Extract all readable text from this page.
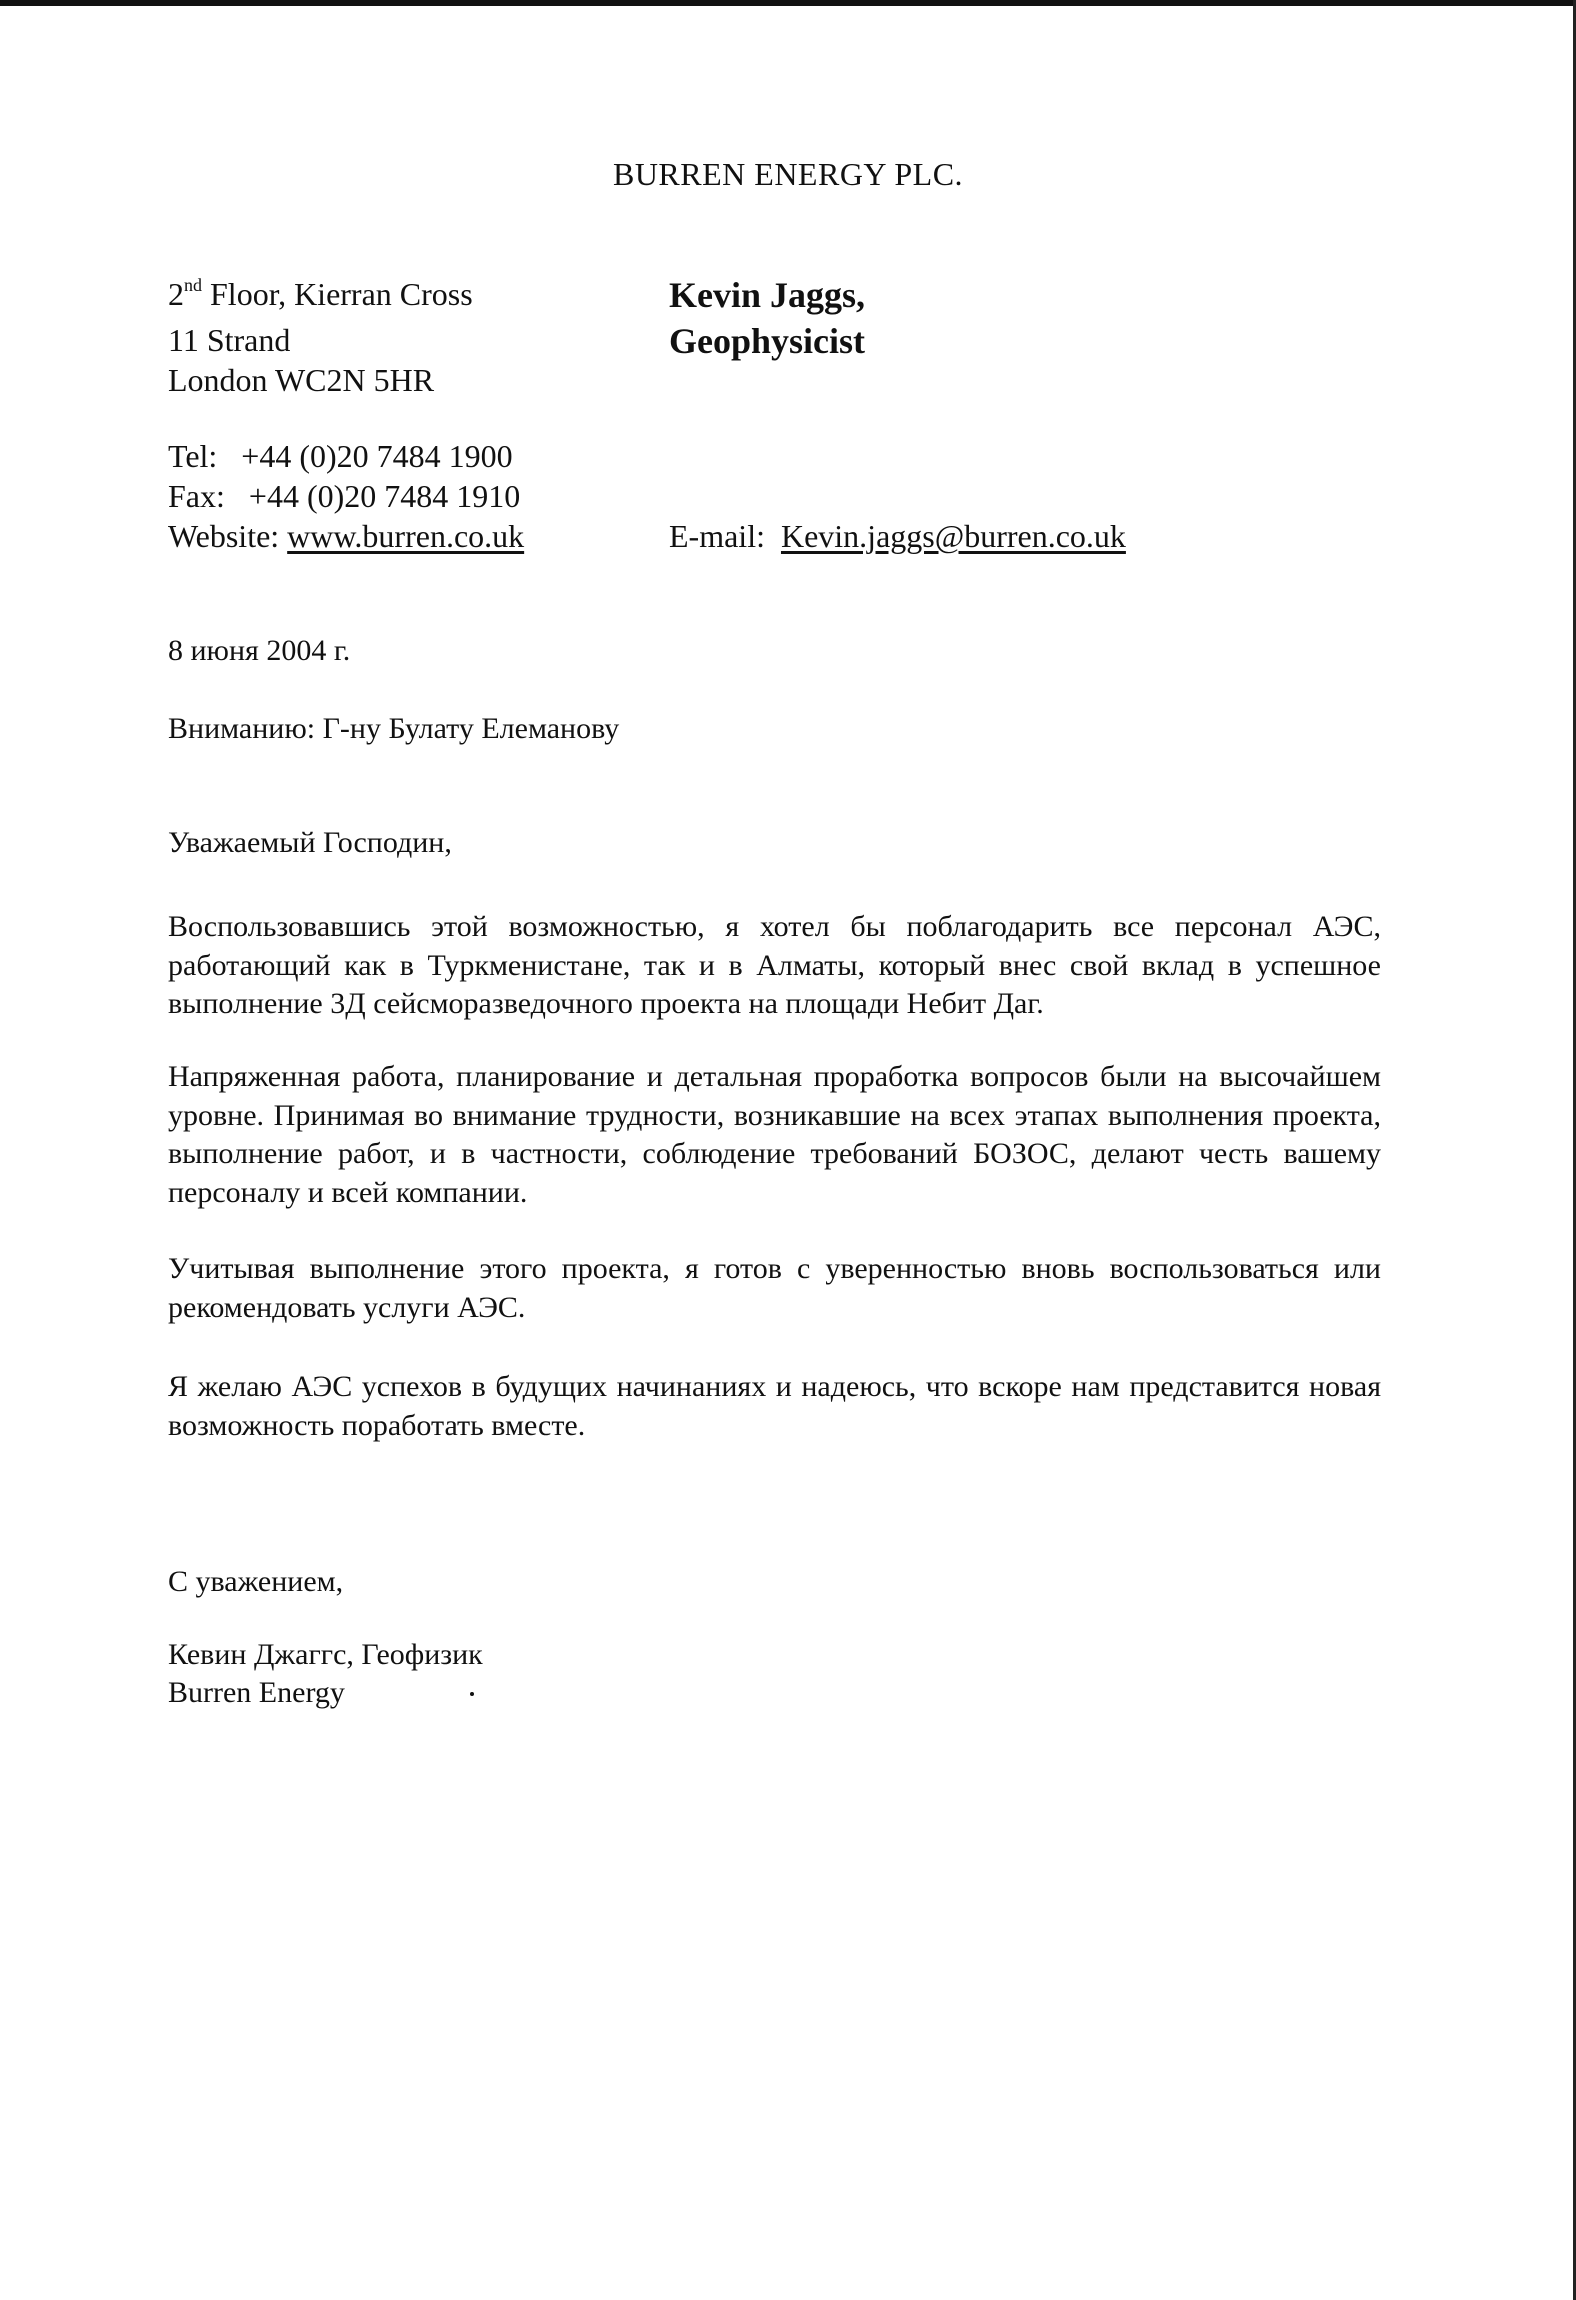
BURREN ENERGY PLC.
2nd Floor, Kierran Cross
11 Strand
London WC2N 5HR
Kevin Jaggs,
Geophysicist
Tel: +44 (0)20 7484 1900
Fax: +44 (0)20 7484 1910
Website: www.burren.co.uk	E-mail: Kevin.jaggs@burren.co.uk
8 июня 2004 г.
Вниманию: Г-ну Булату Елеманову
Уважаемый Господин,

Воспользовавшись этой возможностью, я хотел бы поблагодарить все персонал АЭС, работающий как в Туркменистане, так и в Алматы, который внес свой вклад в успешное выполнение 3Д сейсморазведочного проекта на площади Небит Даг.

Напряженная работа, планирование и детальная проработка вопросов были на высочайшем уровне. Принимая во внимание трудности, возникавшие на всех этапах выполнения проекта, выполнение работ, и в частности, соблюдение требований БОЗОС, делают честь вашему персоналу и всей компании.

Учитывая выполнение этого проекта, я готов с уверенностью вновь воспользоваться или рекомендовать услуги АЭС.

Я желаю АЭС успехов в будущих начинаниях и надеюсь, что вскоре нам представится новая возможность поработать вместе.

С уважением,
Кевин Джаггс, Геофизик
Burren Energy
